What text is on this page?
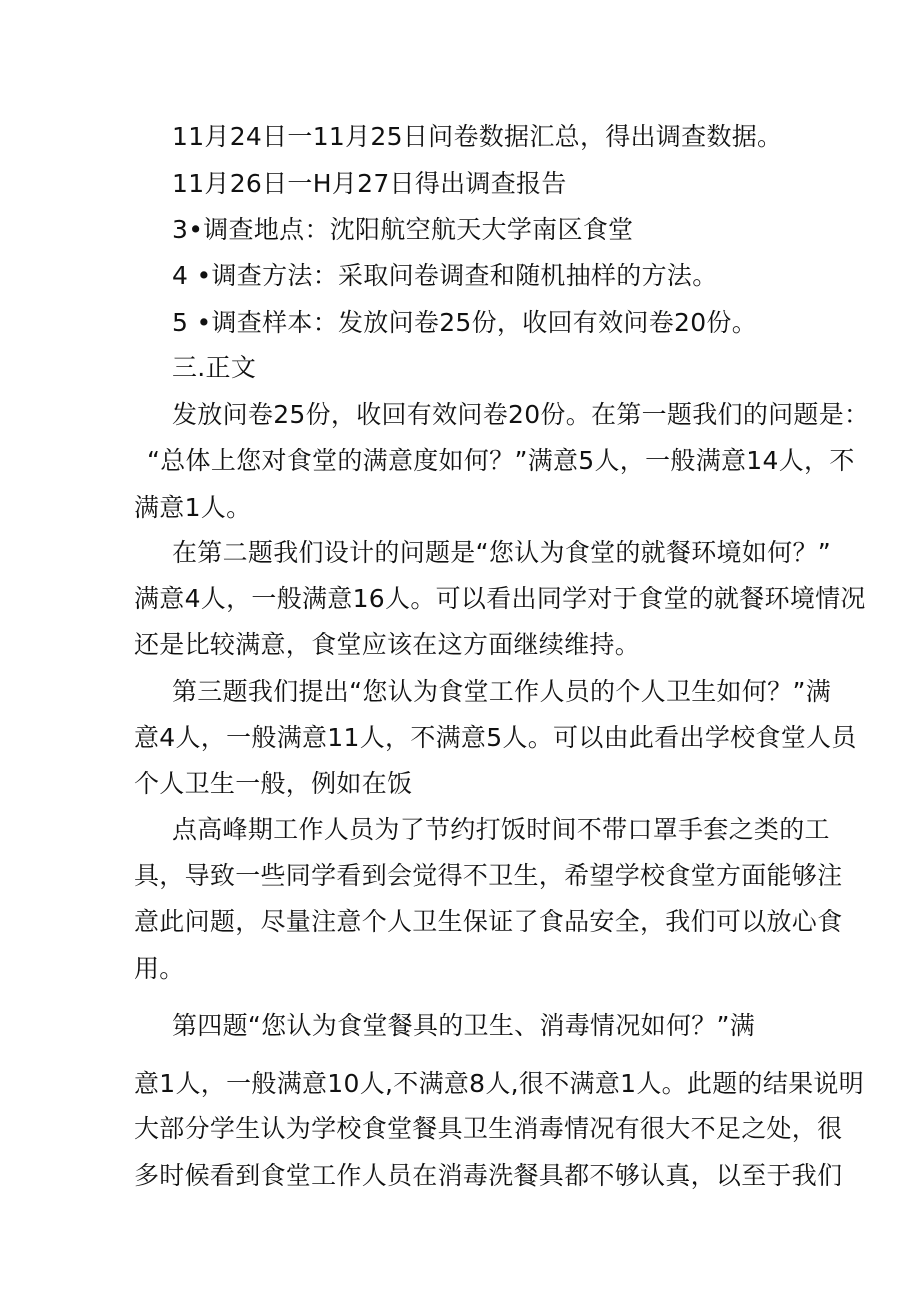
11月24日一11月25日问卷数据汇总，得出调查数据。
11月26日一H月27日得出调查报告
3•调查地点：沈阳航空航天大学南区食堂
4 •调查方法：采取问卷调查和随机抽样的方法。
5 •调查样本：发放问卷25份，收回有效问卷20份。
三.正文
发放问卷25份，收回有效问卷20份。在第一题我们的问题是：
“总体上您对食堂的满意度如何？”满意5人，一般满意14人，不
满意1人。
在第二题我们设计的问题是“您认为食堂的就餐环境如何？”
满意4人，一般满意16人。可以看出同学对于食堂的就餐环境情况
还是比较满意，食堂应该在这方面继续维持。
第三题我们提出“您认为食堂工作人员的个人卫生如何？”满
意4人，一般满意11人，不满意5人。可以由此看出学校食堂人员
个人卫生一般，例如在饭
点高峰期工作人员为了节约打饭时间不带口罩手套之类的工
具，导致一些同学看到会觉得不卫生，希望学校食堂方面能够注
意此问题，尽量注意个人卫生保证了食品安全，我们可以放心食
用。
第四题“您认为食堂餐具的卫生、消毒情况如何？”满
意1人，一般满意10人,不满意8人,很不满意1人。此题的结果说明
大部分学生认为学校食堂餐具卫生消毒情况有很大不足之处，很
多时候看到食堂工作人员在消毒洗餐具都不够认真，以至于我们
